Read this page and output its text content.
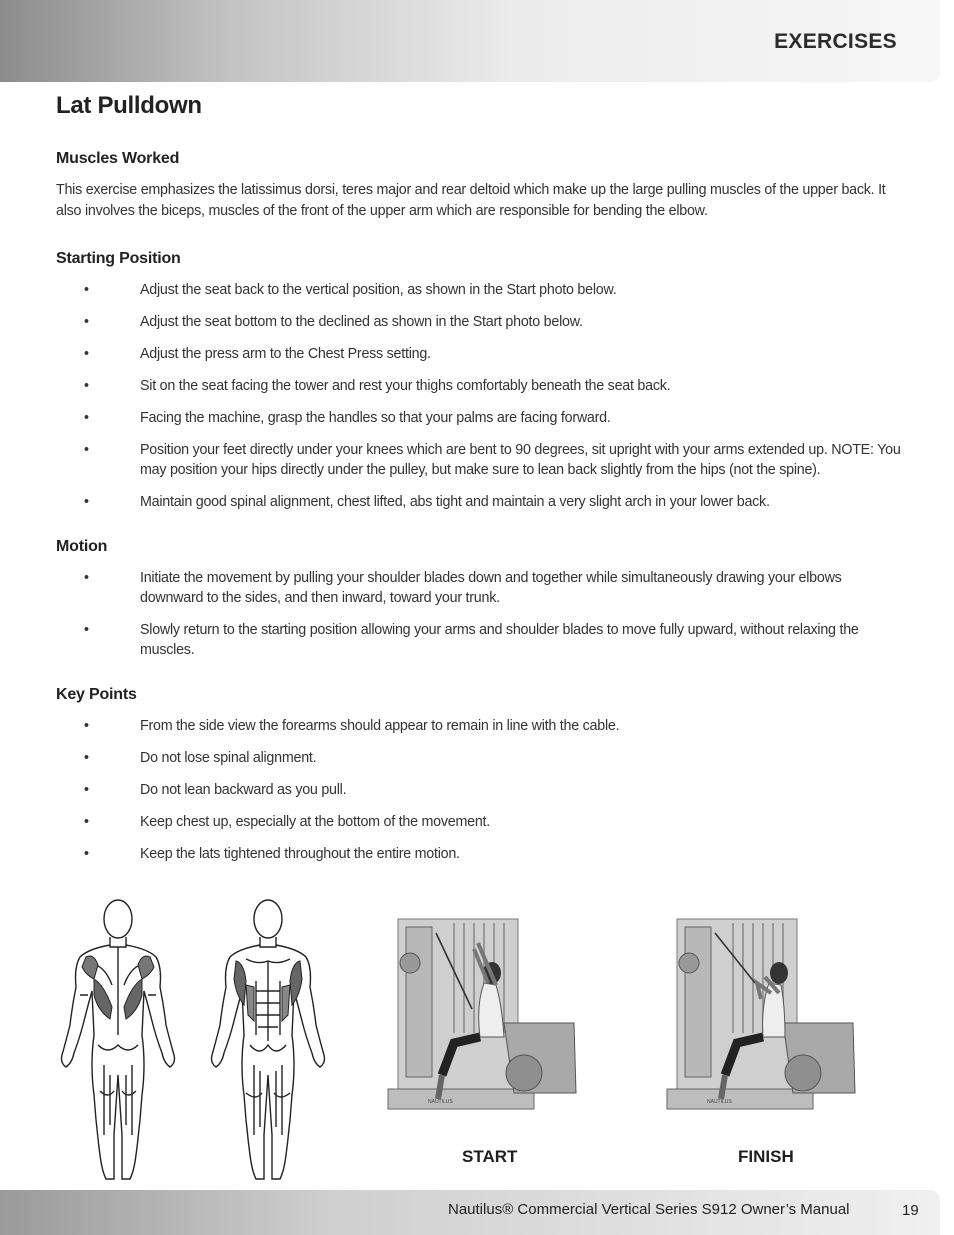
EXERCISES
Lat Pulldown
Muscles Worked

This exercise emphasizes the latissimus dorsi, teres major and rear deltoid which make up the large pulling muscles of the upper back. It also involves the biceps, muscles of the front of the upper arm which are responsible for bending the elbow.

Starting Position
•	Adjust the seat back to the vertical position, as shown in the Start photo below.
•	Adjust the seat bottom to the declined as shown in the Start photo below.
•	Adjust the press arm to the Chest Press setting.
•	Sit on the seat facing the tower and rest your thighs comfortably beneath the seat back.
•	Facing the machine, grasp the handles so that your palms are facing forward.
•	Position your feet directly under your knees which are bent to 90 degrees, sit upright with your arms extended up. NOTE: You may position your hips directly under the pulley, but make sure to lean back slightly from the hips (not the spine).
•	Maintain good spinal alignment, chest lifted, abs tight and maintain a very slight arch in your lower back.
Motion
•	Initiate the movement by pulling your shoulder blades down and together while simultaneously drawing your elbows downward to the sides, and then inward, toward your trunk.
•	Slowly return to the starting position allowing your arms and shoulder blades to move fully upward, without relaxing the muscles.
Key Points
•	From the side view the forearms should appear to remain in line with the cable.
•	Do not lose spinal alignment.
•	Do not lean backward as you pull.
•	Keep chest up, especially at the bottom of the movement.
•	Keep the lats tightened throughout the entire motion.
NAUTILUS	NAUTILUS
START	FINISH
Nautilus® Commercial Vertical Series S912 Owner’s Manual	19
